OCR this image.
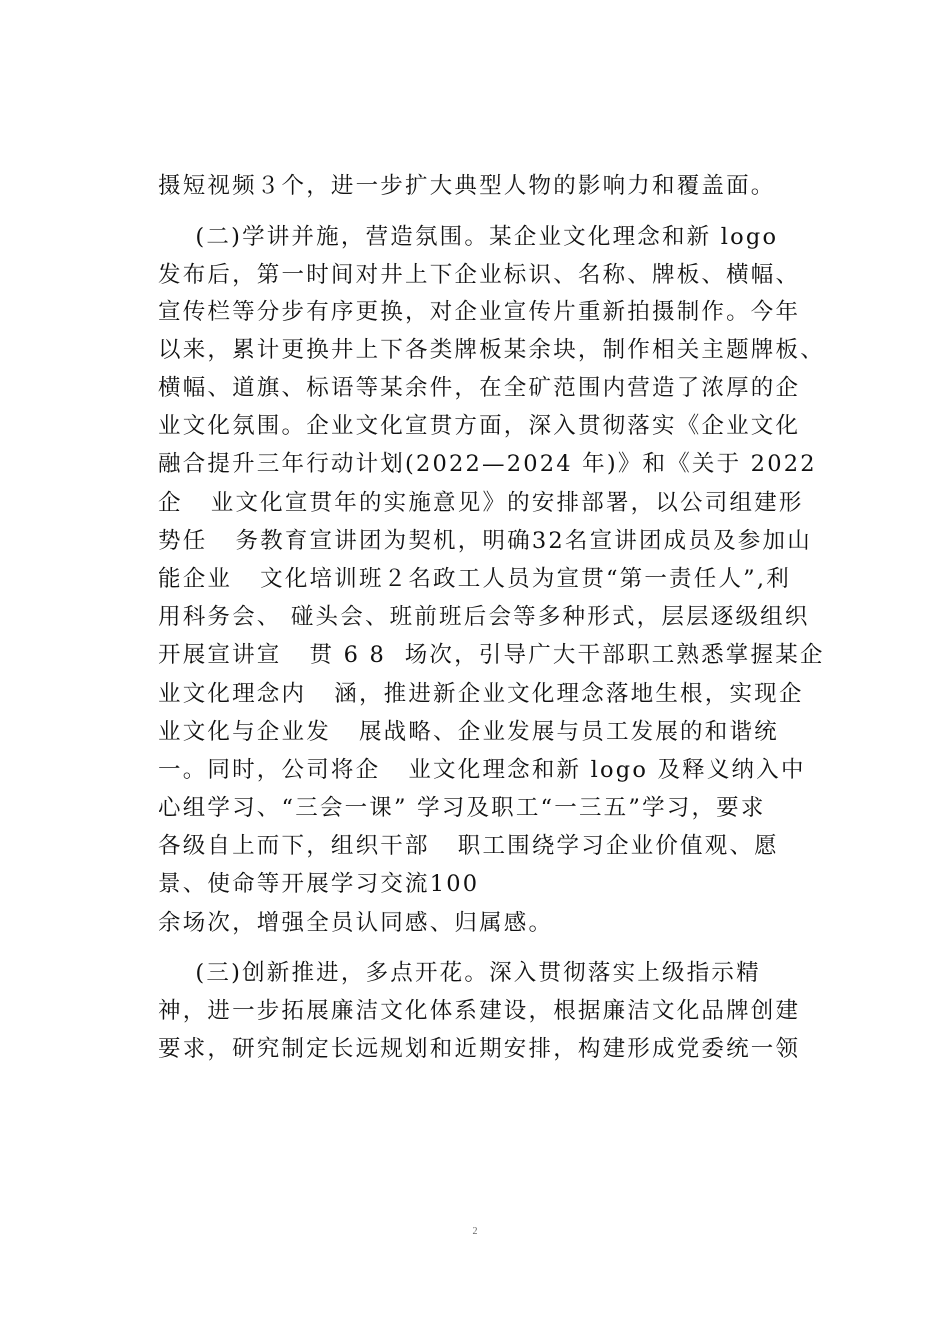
摄短视频３个，进一步扩大典型人物的影响力和覆盖面。
(二)学讲并施，营造氛围。某企业文化理念和新 logo
发布后，第一时间对井上下企业标识、名称、牌板、横幅、
宣传栏等分步有序更换，对企业宣传片重新拍摄制作。今年
以来，累计更换井上下各类牌板某余块，制作相关主题牌板、
横幅、道旗、标语等某余件，在全矿范围内营造了浓厚的企
业文化氛围。企业文化宣贯方面，深入贯彻落实《企业文化
融合提升三年行动计划(2022—2024 年)》和《关于 2022
企   业文化宣贯年的实施意见》的安排部署，以公司组建形
势任   务教育宣讲团为契机，明确32名宣讲团成员及参加山
能企业   文化培训班２名政工人员为宣贯“第一责任人”,利
用科务会、 碰头会、班前班后会等多种形式，层层逐级组织
开展宣讲宣   贯 6 8  场次，引导广大干部职工熟悉掌握某企
业文化理念内   涵，推进新企业文化理念落地生根，实现企
业文化与企业发   展战略、企业发展与员工发展的和谐统
一。同时，公司将企   业文化理念和新 logo 及释义纳入中
心组学习、“三会一课” 学习及职工“一三五”学习，要求
各级自上而下，组织干部   职工围绕学习企业价值观、愿
景、使命等开展学习交流100
余场次，增强全员认同感、归属感。
(三)创新推进，多点开花。深入贯彻落实上级指示精
神，进一步拓展廉洁文化体系建设，根据廉洁文化品牌创建
要求，研究制定长远规划和近期安排，构建形成党委统一领
2
